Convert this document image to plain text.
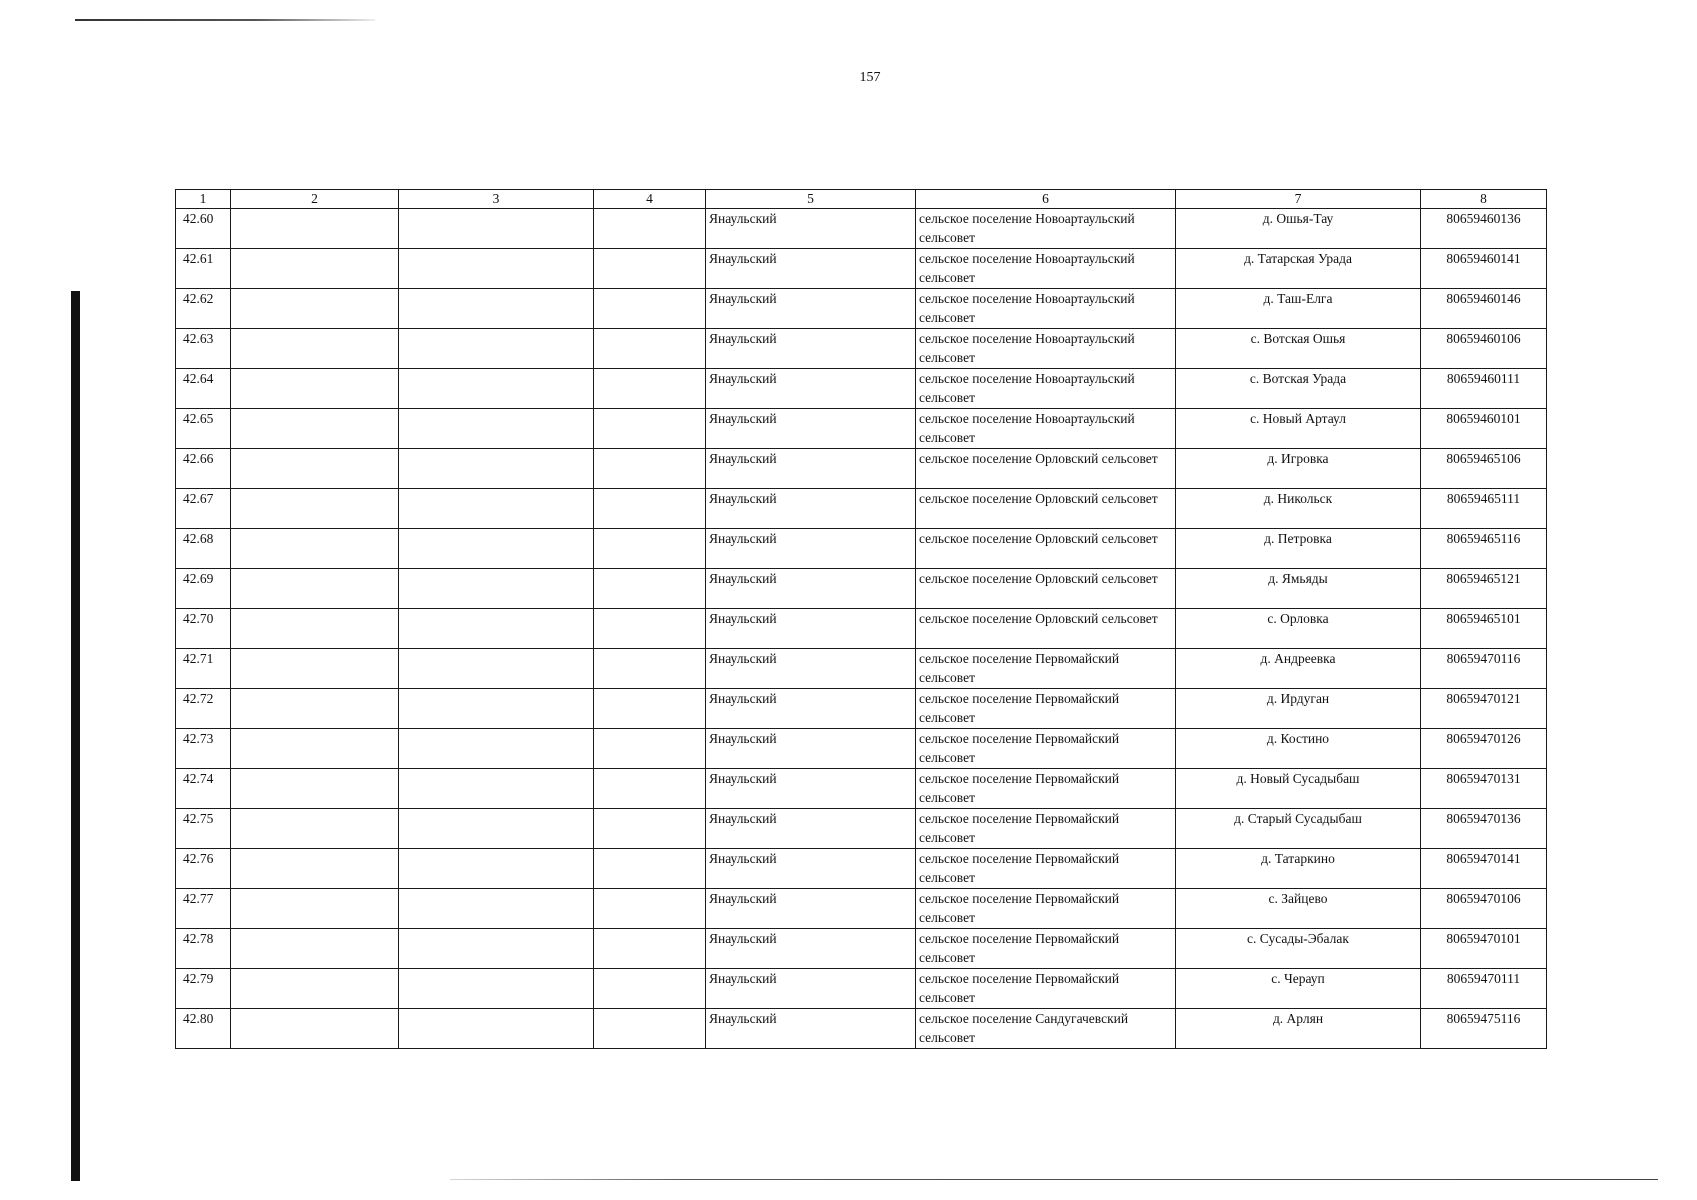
157
1	2	3	4	5	6	7	8
42.60				Янаульский	сельское поселение Новоартаульский сельсовет	д. Ошья-Тау	80659460136
42.61				Янаульский	сельское поселение Новоартаульский сельсовет	д. Татарская Урада	80659460141
42.62				Янаульский	сельское поселение Новоартаульский сельсовет	д. Таш-Елга	80659460146
42.63				Янаульский	сельское поселение Новоартаульский сельсовет	с. Вотская Ошья	80659460106
42.64				Янаульский	сельское поселение Новоартаульский сельсовет	с. Вотская Урада	80659460111
42.65				Янаульский	сельское поселение Новоартаульский сельсовет	с. Новый Артаул	80659460101
42.66				Янаульский	сельское поселение Орловский сельсовет	д. Игровка	80659465106
42.67				Янаульский	сельское поселение Орловский сельсовет	д. Никольск	80659465111
42.68				Янаульский	сельское поселение Орловский сельсовет	д. Петровка	80659465116
42.69				Янаульский	сельское поселение Орловский сельсовет	д. Ямьяды	80659465121
42.70				Янаульский	сельское поселение Орловский сельсовет	с. Орловка	80659465101
42.71				Янаульский	сельское поселение Первомайский сельсовет	д. Андреевка	80659470116
42.72				Янаульский	сельское поселение Первомайский сельсовет	д. Ирдуган	80659470121
42.73				Янаульский	сельское поселение Первомайский сельсовет	д. Костино	80659470126
42.74				Янаульский	сельское поселение Первомайский сельсовет	д. Новый Сусадыбаш	80659470131
42.75				Янаульский	сельское поселение Первомайский сельсовет	д. Старый Сусадыбаш	80659470136
42.76				Янаульский	сельское поселение Первомайский сельсовет	д. Татаркино	80659470141
42.77				Янаульский	сельское поселение Первомайский сельсовет	с. Зайцево	80659470106
42.78				Янаульский	сельское поселение Первомайский сельсовет	с. Сусады-Эбалак	80659470101
42.79				Янаульский	сельское поселение Первомайский сельсовет	с. Черауп	80659470111
42.80				Янаульский	сельское поселение Сандугачевский сельсовет	д. Арлян	80659475116
